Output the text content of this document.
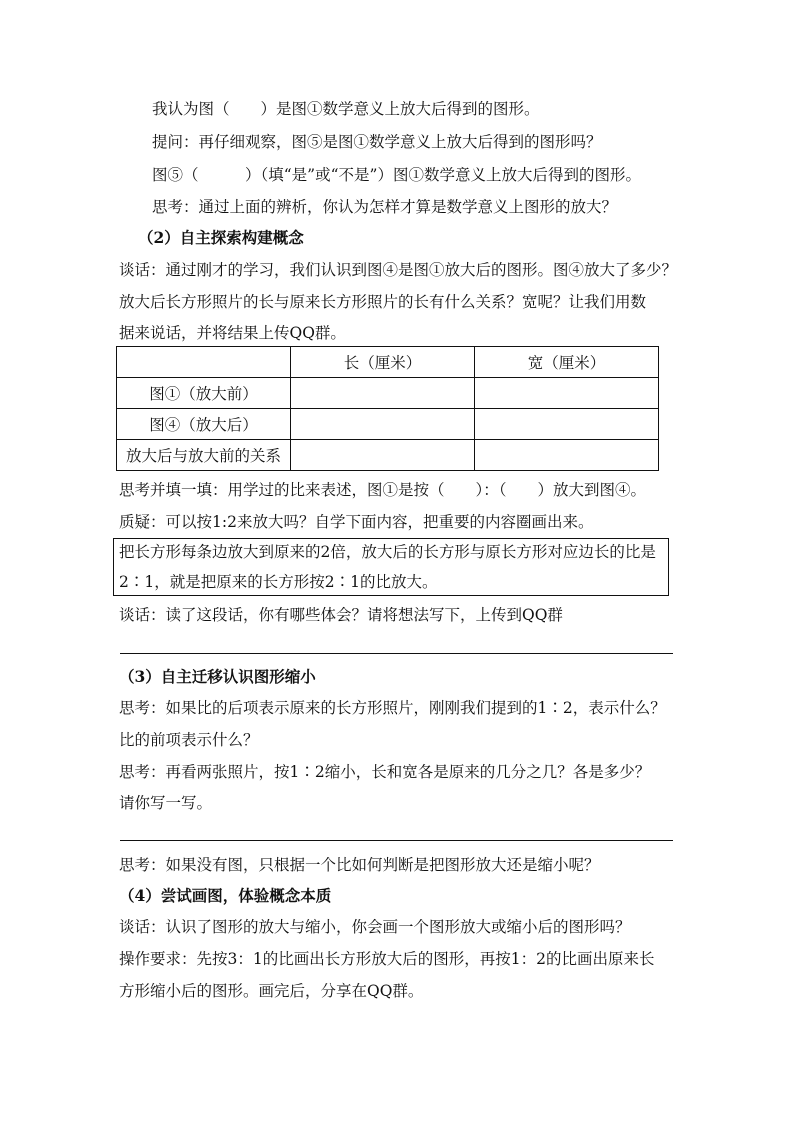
我认为图（　　）是图①数学意义上放大后得到的图形。
提问：再仔细观察，图⑤是图①数学意义上放大后得到的图形吗？
图⑤（　　　）（填“是”或“不是”）图①数学意义上放大后得到的图形。
思考：通过上面的辨析，你认为怎样才算是数学意义上图形的放大？
（2）自主探索构建概念
谈话：通过刚才的学习，我们认识到图④是图①放大后的图形。图④放大了多少？
放大后长方形照片的长与原来长方形照片的长有什么关系？宽呢？让我们用数
据来说话，并将结果上传QQ群。
	长（厘米）	宽（厘米）
图①（放大前）		
图④（放大后）		
放大后与放大前的关系		
思考并填一填：用学过的比来表述，图①是按（　　）：（　　）放大到图④。
质疑：可以按1:2来放大吗？自学下面内容，把重要的内容圈画出来。
把长方形每条边放大到原来的2倍，放大后的长方形与原长方形对应边长的比是
2∶1，就是把原来的长方形按2∶1的比放大。
谈话：读了这段话，你有哪些体会？请将想法写下，上传到QQ群
（3）自主迁移认识图形缩小
思考：如果比的后项表示原来的长方形照片，刚刚我们提到的1∶2，表示什么？
比的前项表示什么？
思考：再看两张照片，按1∶2缩小，长和宽各是原来的几分之几？各是多少？
请你写一写。
思考：如果没有图，只根据一个比如何判断是把图形放大还是缩小呢？
（4）尝试画图，体验概念本质
谈话：认识了图形的放大与缩小，你会画一个图形放大或缩小后的图形吗？
操作要求：先按3：1的比画出长方形放大后的图形，再按1：2的比画出原来长
方形缩小后的图形。画完后，分享在QQ群。
